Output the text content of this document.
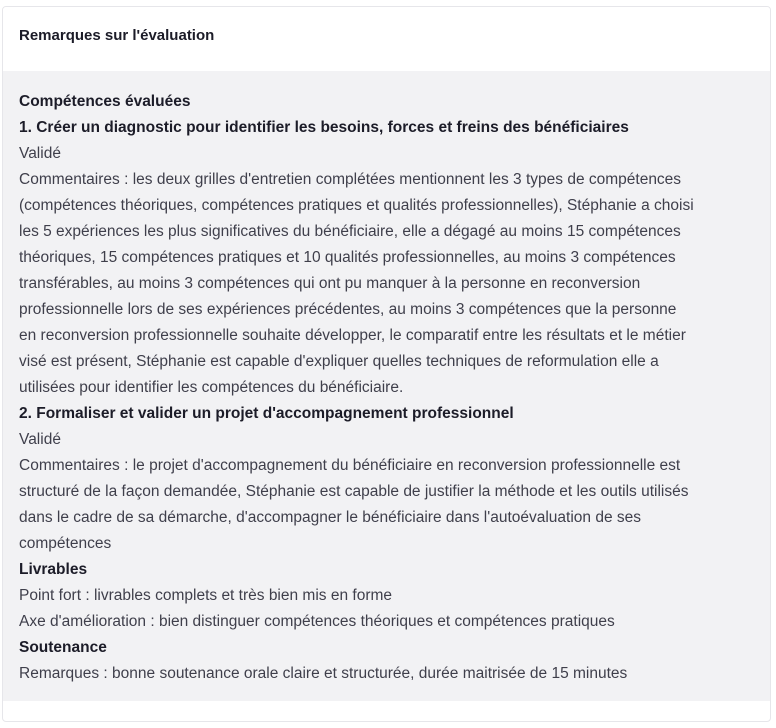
Remarques sur l'évaluation

Compétences évaluées

1. Créer un diagnostic pour identifier les besoins, forces et freins des bénéficiaires

Validé

Commentaires : les deux grilles d'entretien complétées mentionnent les 3 types de compétences

(compétences théoriques, compétences pratiques et qualités professionnelles), Stéphanie a choisi

les 5 expériences les plus significatives du bénéficiaire, elle a dégagé au moins 15 compétences

théoriques, 15 compétences pratiques et 10 qualités professionnelles, au moins 3 compétences

transférables, au moins 3 compétences qui ont pu manquer à la personne en reconversion

professionnelle lors de ses expériences précédentes, au moins 3 compétences que la personne

en reconversion professionnelle souhaite développer, le comparatif entre les résultats et le métier

visé est présent, Stéphanie est capable d'expliquer quelles techniques de reformulation elle a

utilisées pour identifier les compétences du bénéficiaire.

2. Formaliser et valider un projet d'accompagnement professionnel

Validé

Commentaires : le projet d'accompagnement du bénéficiaire en reconversion professionnelle est

structuré de la façon demandée, Stéphanie est capable de justifier la méthode et les outils utilisés

dans le cadre de sa démarche, d'accompagner le bénéficiaire dans l'autoévaluation de ses

compétences

Livrables

Point fort : livrables complets et très bien mis en forme

Axe d'amélioration : bien distinguer compétences théoriques et compétences pratiques

Soutenance

Remarques : bonne soutenance orale claire et structurée, durée maitrisée de 15 minutes
